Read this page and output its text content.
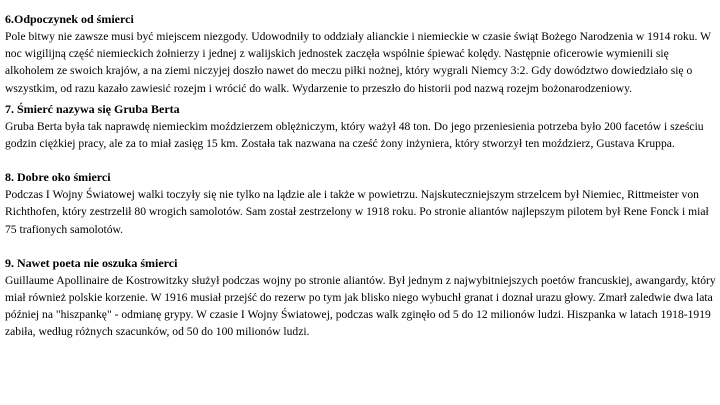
6.Odpoczynek od śmierci

Pole bitwy nie zawsze musi być miejscem niezgody. Udowodniły to oddziały alianckie i niemieckie w czasie świąt Bożego Narodzenia w 1914 roku. W noc wigilijną część niemieckich żołnierzy i jednej z walijskich jednostek zaczęła wspólnie śpiewać kolędy. Następnie oficerowie wymienili się alkoholem ze swoich krajów, a na ziemi niczyjej doszło nawet do meczu piłki nożnej, który wygrali Niemcy 3:2. Gdy dowództwo dowiedziało się o wszystkim, od razu kazało zawiesić rozejm i wrócić do walk. Wydarzenie to przeszło do historii pod nazwą rozejm bożonarodzeniowy.

7. Śmierć nazywa się Gruba Berta

Gruba Berta była tak naprawdę niemieckim moździerzem oblężniczym, który ważył 48 ton. Do jego przeniesienia potrzeba było 200 facetów i sześciu godzin ciężkiej pracy, ale za to miał zasięg 15 km. Została tak nazwana na cześć żony inżyniera, który stworzył ten moździerz, Gustava Kruppa.

8. Dobre oko śmierci

Podczas I Wojny Światowej walki toczyły się nie tylko na lądzie ale i także w powietrzu. Najskuteczniejszym strzelcem był Niemiec, Rittmeister von Richthofen, który zestrzelił 80 wrogich samolotów. Sam został zestrzelony w 1918 roku. Po stronie aliantów najlepszym pilotem był Rene Fonck i miał 75 trafionych samolotów.

9. Nawet poeta nie oszuka śmierci

Guillaume Apollinaire de Kostrowitzky służył podczas wojny po stronie aliantów. Był jednym z najwybitniejszych poetów francuskiej, awangardy, który miał również polskie korzenie. W 1916 musiał przejść do rezerw po tym jak blisko niego wybuchł granat i doznał urazu głowy. Zmarł zaledwie dwa lata później na "hiszpankę" - odmianę grypy. W czasie I Wojny Światowej, podczas walk zginęło od 5 do 12 milionów ludzi. Hiszpanka w latach 1918-1919 zabiła, według różnych szacunków, od 50 do 100 milionów ludzi.
